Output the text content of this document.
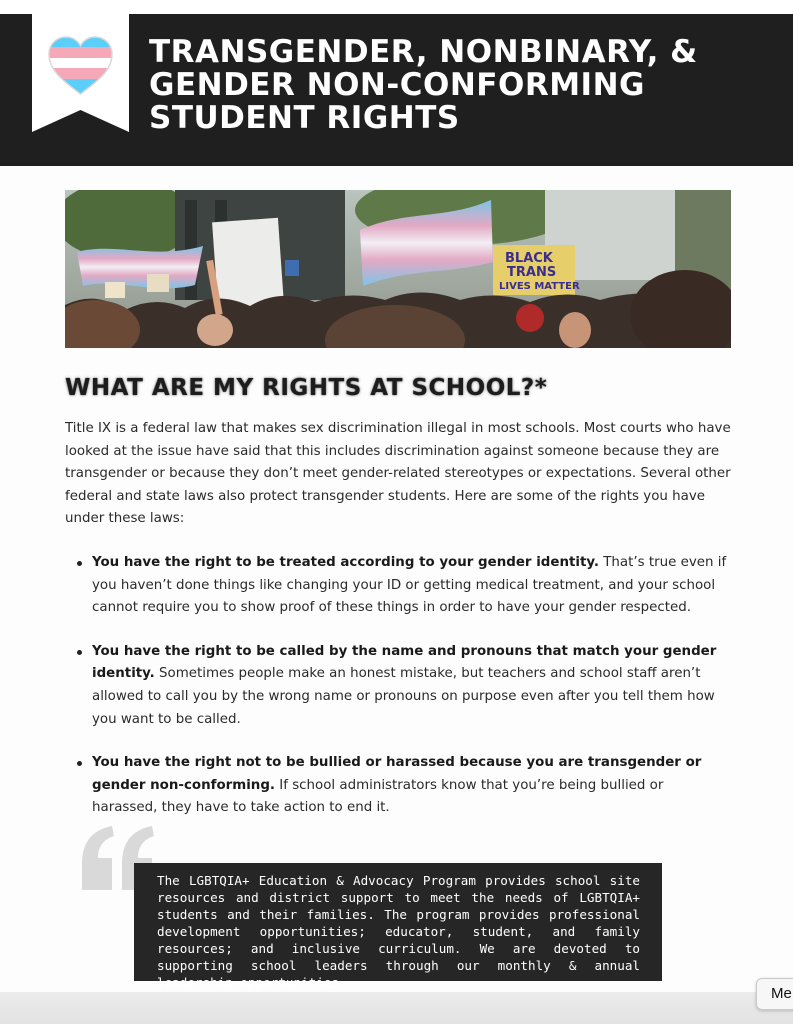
TRANSGENDER, NONBINARY, &
GENDER NON-CONFORMING
STUDENT RIGHTS
BLACK
TRANS
LIVES MATTER
WHAT ARE MY RIGHTS AT SCHOOL?*

Title IX is a federal law that makes sex discrimination illegal in most schools. Most courts who have looked at the issue have said that this includes discrimination against someone because they are transgender or because they don’t meet gender-related stereotypes or expectations. Several other federal and state laws also protect transgender students. Here are some of the rights you have under these laws:

You have the right to be treated according to your gender identity. That’s true even if you haven’t done things like changing your ID or getting medical treatment, and your school cannot require you to show proof of these things in order to have your gender respected.
You have the right to be called by the name and pronouns that match your gender identity. Sometimes people make an honest mistake, but teachers and school staff aren’t allowed to call you by the wrong name or pronouns on purpose even after you tell them how you want to be called.
You have the right not to be bullied or harassed because you are transgender or gender non-conforming. If school administrators know that you’re being bullied or harassed, they have to take action to end it.

The LGBTQIA+ Education & Advocacy Program provides school site resources and district support to meet the needs of LGBTQIA+ students and their families. The program provides professional development opportunities; educator, student, and family resources; and inclusive curriculum. We are devoted to supporting school leaders through our monthly & annual leadership opportunities.

Me
